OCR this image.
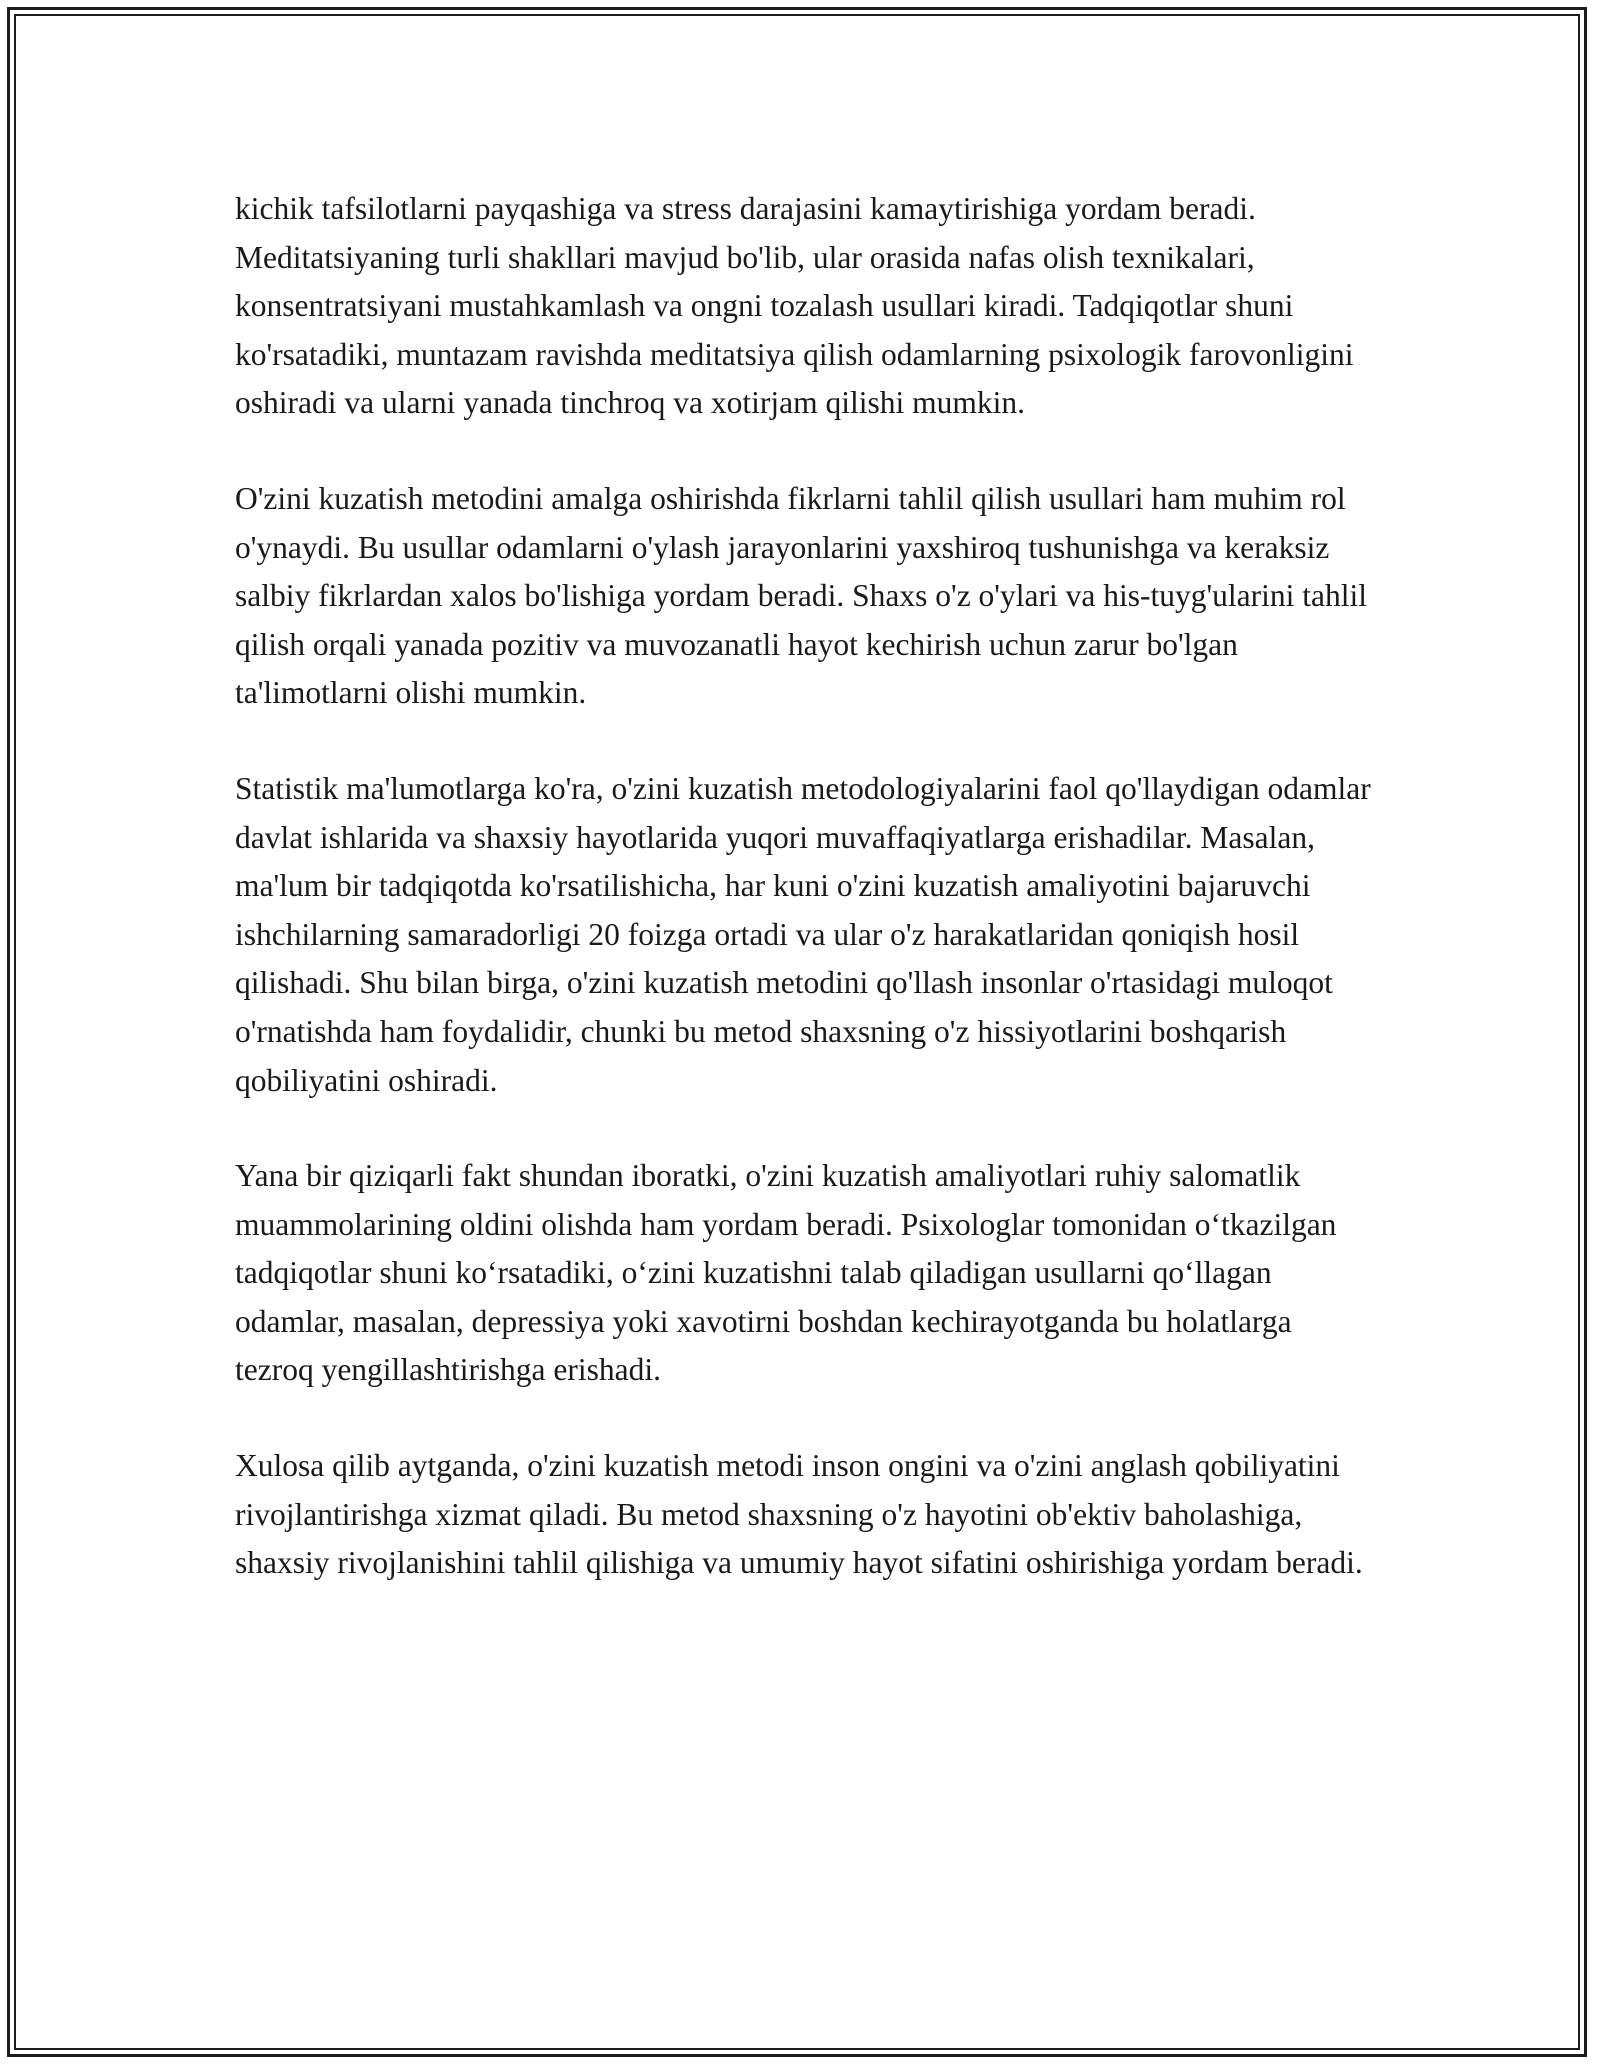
kichik tafsilotlarni payqashiga va stress darajasini kamaytirishiga yordam beradi. Meditatsiyaning turli shakllari mavjud bo'lib, ular orasida nafas olish texnikalari, konsentratsiyani mustahkamlash va ongni tozalash usullari kiradi. Tadqiqotlar shuni ko'rsatadiki, muntazam ravishda meditatsiya qilish odamlarning psixologik farovonligini oshiradi va ularni yanada tinchroq va xotirjam qilishi mumkin.

O'zini kuzatish metodini amalga oshirishda fikrlarni tahlil qilish usullari ham muhim rol o'ynaydi. Bu usullar odamlarni o'ylash jarayonlarini yaxshiroq tushunishga va keraksiz salbiy fikrlardan xalos bo'lishiga yordam beradi. Shaxs o'z o'ylari va his-tuyg'ularini tahlil qilish orqali yanada pozitiv va muvozanatli hayot kechirish uchun zarur bo'lgan ta'limotlarni olishi mumkin.

Statistik ma'lumotlarga ko'ra, o'zini kuzatish metodologiyalarini faol qo'llaydigan odamlar davlat ishlarida va shaxsiy hayotlarida yuqori muvaffaqiyatlarga erishadilar. Masalan, ma'lum bir tadqiqotda ko'rsatilishicha, har kuni o'zini kuzatish amaliyotini bajaruvchi ishchilarning samaradorligi 20 foizga ortadi va ular o'z harakatlaridan qoniqish hosil qilishadi. Shu bilan birga, o'zini kuzatish metodini qo'llash insonlar o'rtasidagi muloqot o'rnatishda ham foydalidir, chunki bu metod shaxsning o'z hissiyotlarini boshqarish qobiliyatini oshiradi.

Yana bir qiziqarli fakt shundan iboratki, o'zini kuzatish amaliyotlari ruhiy salomatlik muammolarining oldini olishda ham yordam beradi. Psixologlar tomonidan o‘tkazilgan tadqiqotlar shuni ko‘rsatadiki, o‘zini kuzatishni talab qiladigan usullarni qo‘llagan odamlar, masalan, depressiya yoki xavotirni boshdan kechirayotganda bu holatlarga tezroq yengillashtirishga erishadi.

Xulosa qilib aytganda, o'zini kuzatish metodi inson ongini va o'zini anglash qobiliyatini rivojlantirishga xizmat qiladi. Bu metod shaxsning o'z hayotini ob'ektiv baholashiga, shaxsiy rivojlanishini tahlil qilishiga va umumiy hayot sifatini oshirishiga yordam beradi.
